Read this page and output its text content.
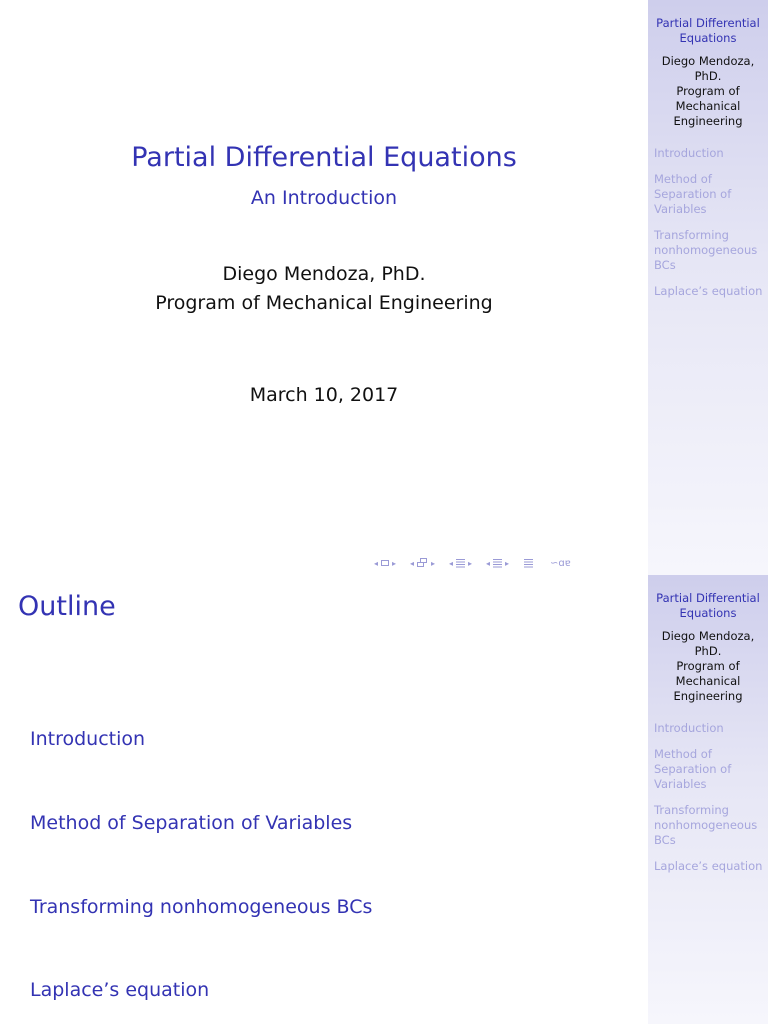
Partial Differential Equations
An Introduction
Diego Mendoza, PhD.
Program of Mechanical Engineering
March 10, 2017
◂ ▸ ◂ ▸ ◂ ▸ ◂ ▸	∽ɑɐ
Partial Differential Equations
Diego Mendoza,
PhD.
Program of
Mechanical
Engineering
Introduction
Method of
Separation of
Variables
Transforming
nonhomogeneous
BCs
Laplace’s equation
Outline
Introduction
Method of Separation of Variables
Transforming nonhomogeneous BCs
Laplace’s equation
Partial Differential Equations
Diego Mendoza,
PhD.
Program of
Mechanical
Engineering
Introduction
Method of
Separation of
Variables
Transforming
nonhomogeneous
BCs
Laplace’s equation
